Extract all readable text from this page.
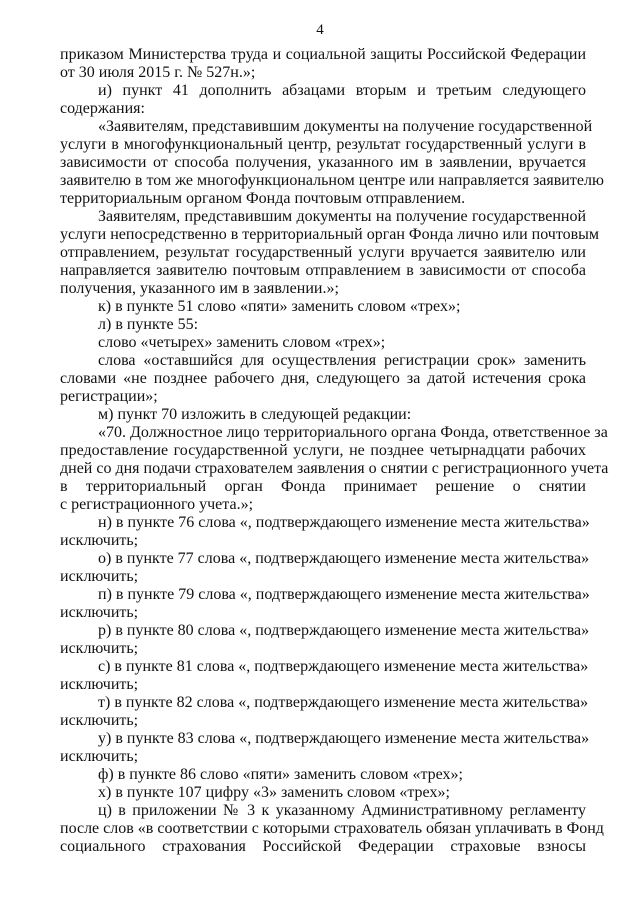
4
приказом Министерства труда и социальной защиты Российской Федерации
от 30 июля 2015 г. № 527н.»;
и) пункт 41 дополнить абзацами вторым и третьим следующего
содержания:
«Заявителям, представившим документы на получение государственной
услуги в многофункциональный центр, результат государственный услуги в
зависимости от способа получения, указанного им в заявлении, вручается
заявителю в том же многофункциональном центре или направляется заявителю
территориальным органом Фонда почтовым отправлением.
Заявителям, представившим документы на получение государственной
услуги непосредственно в территориальный орган Фонда лично или почтовым
отправлением, результат государственный услуги вручается заявителю или
направляется заявителю почтовым отправлением в зависимости от способа
получения, указанного им в заявлении.»;
к) в пункте 51 слово «пяти» заменить словом «трех»;
л) в пункте 55:
слово «четырех» заменить словом «трех»;
слова «оставшийся для осуществления регистрации срок» заменить
словами «не позднее рабочего дня, следующего за датой истечения срока
регистрации»;
м) пункт 70 изложить в следующей редакции:
«70. Должностное лицо территориального органа Фонда, ответственное за
предоставление государственной услуги, не позднее четырнадцати рабочих
дней со дня подачи страхователем заявления о снятии с регистрационного учета
в территориальный орган Фонда принимает решение о снятии
с регистрационного учета.»;
н) в пункте 76 слова «, подтверждающего изменение места жительства»
исключить;
о) в пункте 77 слова «, подтверждающего изменение места жительства»
исключить;
п) в пункте 79 слова «, подтверждающего изменение места жительства»
исключить;
р) в пункте 80 слова «, подтверждающего изменение места жительства»
исключить;
с) в пункте 81 слова «, подтверждающего изменение места жительства»
исключить;
т) в пункте 82 слова «, подтверждающего изменение места жительства»
исключить;
у) в пункте 83 слова «, подтверждающего изменение места жительства»
исключить;
ф) в пункте 86 слово «пяти» заменить словом «трех»;
х) в пункте 107 цифру «3» заменить словом «трех»;
ц) в приложении № 3 к указанному Административному регламенту
после слов «в соответствии с которыми страхователь обязан уплачивать в Фонд
социального страхования Российской Федерации страховые взносы
